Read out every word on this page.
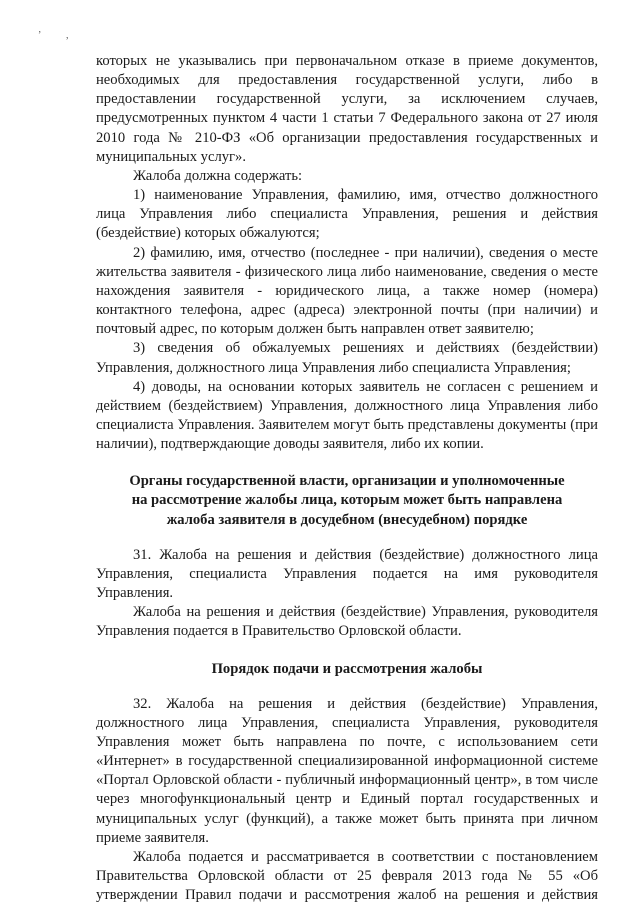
’ ,

которых не указывались при первоначальном отказе в приеме документов, необходимых для предоставления государственной услуги, либо в предоставлении государственной услуги, за исключением случаев, предусмотренных пунктом 4 части 1 статьи 7 Федерального закона от 27 июля 2010 года № 210-ФЗ «Об организации предоставления государственных и муниципальных услуг».

Жалоба должна содержать:

1) наименование Управления, фамилию, имя, отчество должностного лица Управления либо специалиста Управления, решения и действия (бездействие) которых обжалуются;

2) фамилию, имя, отчество (последнее - при наличии), сведения о месте жительства заявителя - физического лица либо наименование, сведения о месте нахождения заявителя - юридического лица, а также номер (номера) контактного телефона, адрес (адреса) электронной почты (при наличии) и почтовый адрес, по которым должен быть направлен ответ заявителю;

3) сведения об обжалуемых решениях и действиях (бездействии) Управления, должностного лица Управления либо специалиста Управления;

4) доводы, на основании которых заявитель не согласен с решением и действием (бездействием) Управления, должностного лица Управления либо специалиста Управления. Заявителем могут быть представлены документы (при наличии), подтверждающие доводы заявителя, либо их копии.

Органы государственной власти, организации и уполномоченные

на рассмотрение жалобы лица, которым может быть направлена

жалоба заявителя в досудебном (внесудебном) порядке

31. Жалоба на решения и действия (бездействие) должностного лица Управления, специалиста Управления подается на имя руководителя Управления.

Жалоба на решения и действия (бездействие) Управления, руководителя Управления подается в Правительство Орловской области.

Порядок подачи и рассмотрения жалобы

32. Жалоба на решения и действия (бездействие) Управления, должностного лица Управления, специалиста Управления, руководителя Управления может быть направлена по почте, с использованием сети «Интернет» в государственной специализированной информационной системе «Портал Орловской области - публичный информационный центр», в том числе через многофункциональный центр и Единый портал государственных и муниципальных услуг (функций), а также может быть принята при личном приеме заявителя.

Жалоба подается и рассматривается в соответствии с постановлением Правительства Орловской области от 25 февраля 2013 года № 55 «Об утверждении Правил подачи и рассмотрения жалоб на решения и действия
